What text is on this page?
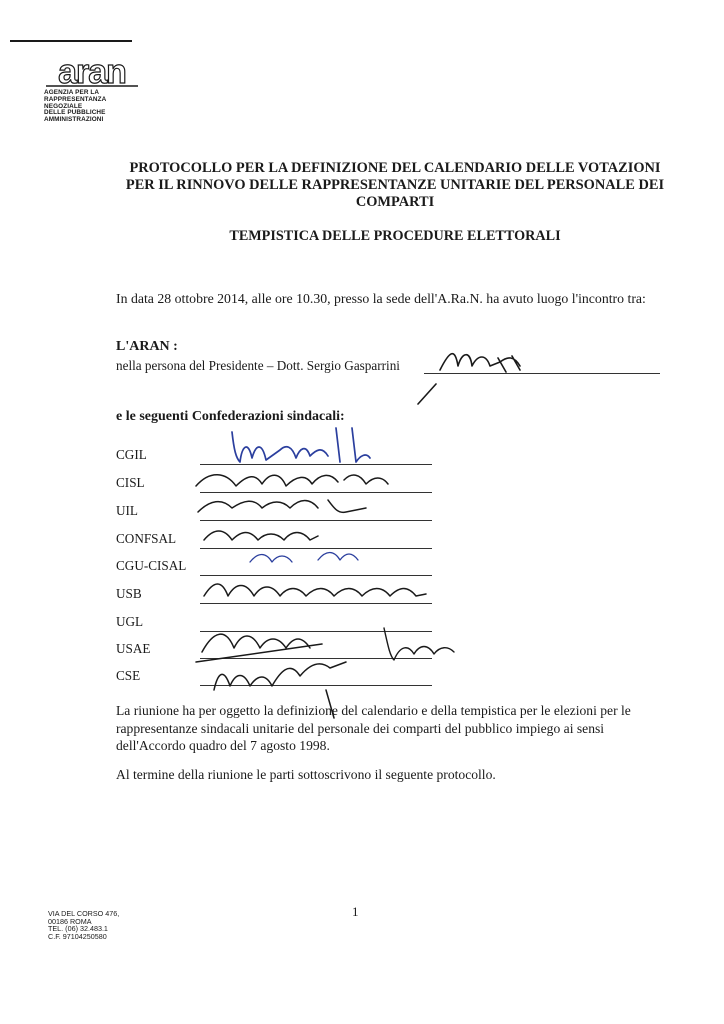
aran
AGENZIA PER LA
RAPPRESENTANZA
NEGOZIALE
DELLE PUBBLICHE
AMMINISTRAZIONI
PROTOCOLLO PER LA DEFINIZIONE DEL CALENDARIO DELLE VOTAZIONI
PER IL RINNOVO DELLE RAPPRESENTANZE UNITARIE DEL PERSONALE DEI
COMPARTI
TEMPISTICA DELLE PROCEDURE ELETTORALI
In data 28 ottobre 2014, alle ore 10.30, presso la sede dell'A.Ra.N. ha avuto luogo l'incontro tra:
L'ARAN :
nella persona del Presidente – Dott. Sergio Gasparrini
e le seguenti Confederazioni sindacali:
CGIL
CISL
UIL
CONFSAL
CGU-CISAL
USB
UGL
USAE
CSE
La riunione ha per oggetto la definizione del calendario e della tempistica per le elezioni per le
rappresentanze sindacali unitarie del personale dei comparti del pubblico impiego ai sensi
dell'Accordo quadro del 7 agosto 1998.
Al termine della riunione le parti sottoscrivono il seguente protocollo.
1
VIA DEL CORSO 476,
00186 ROMA
TEL. (06) 32.483.1
C.F. 97104250580
